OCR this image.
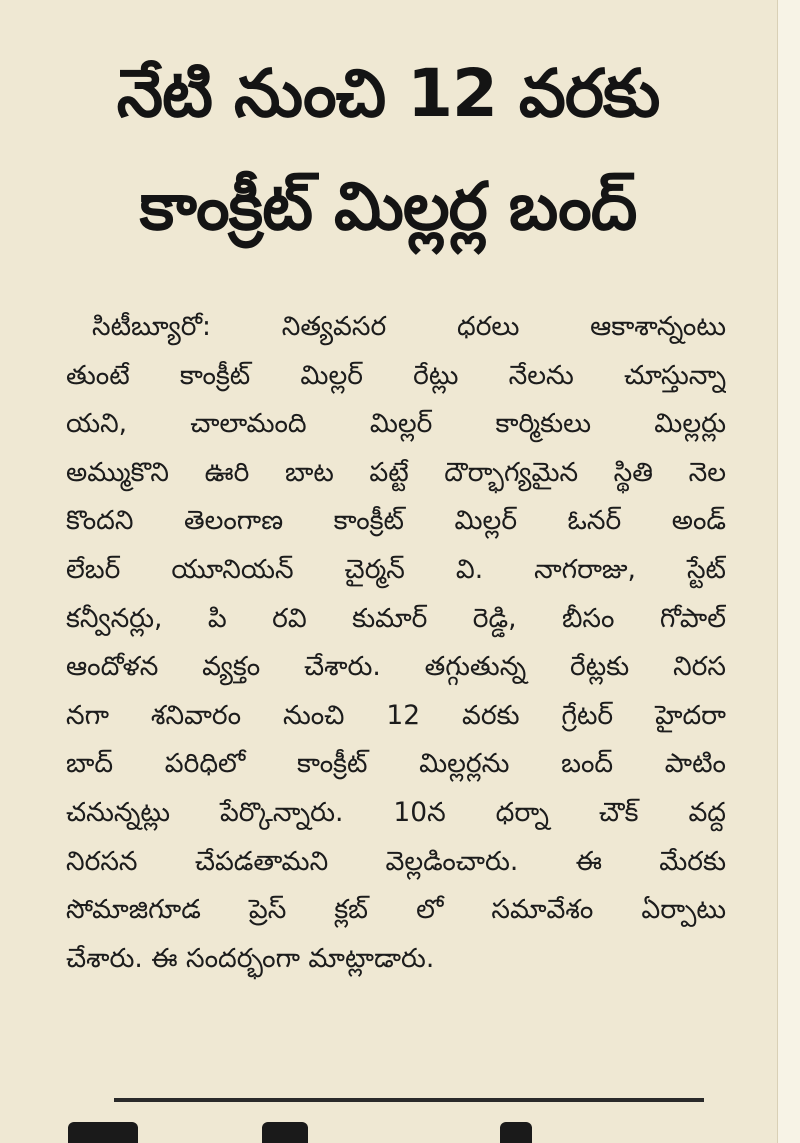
నేటి నుంచి 12 వరకు
కాంక్రీట్ మిల్లర్ల బంద్
సిటీబ్యూరో: నిత్యవసర ధరలు ఆకాశాన్నంటు
తుంటే కాంక్రీట్ మిల్లర్ రేట్లు నేలను చూస్తున్నా
యని, చాలామంది మిల్లర్ కార్మికులు మిల్లర్లు
అమ్ముకొని ఊరి బాట పట్టే దౌర్భాగ్యమైన స్థితి నెల
కొందని తెలంగాణ కాంక్రీట్ మిల్లర్ ఓనర్ అండ్
లేబర్ యూనియన్ చైర్మన్ వి. నాగరాజు, స్టేట్
కన్వీనర్లు, పి రవి కుమార్ రెడ్డి, బీసం గోపాల్
ఆందోళన వ్యక్తం చేశారు. తగ్గుతున్న రేట్లకు నిరస
నగా శనివారం నుంచి 12 వరకు గ్రేటర్ హైదరా
బాద్ పరిధిలో కాంక్రీట్ మిల్లర్లను బంద్ పాటిం
చనున్నట్లు పేర్కొన్నారు. 10న ధర్నా చౌక్ వద్ద
నిరసన చేపడతామని వెల్లడించారు. ఈ మేరకు
సోమాజిగూడ ప్రెస్ క్లబ్ లో సమావేశం ఏర్పాటు
చేశారు. ఈ సందర్భంగా మాట్లాడారు.
